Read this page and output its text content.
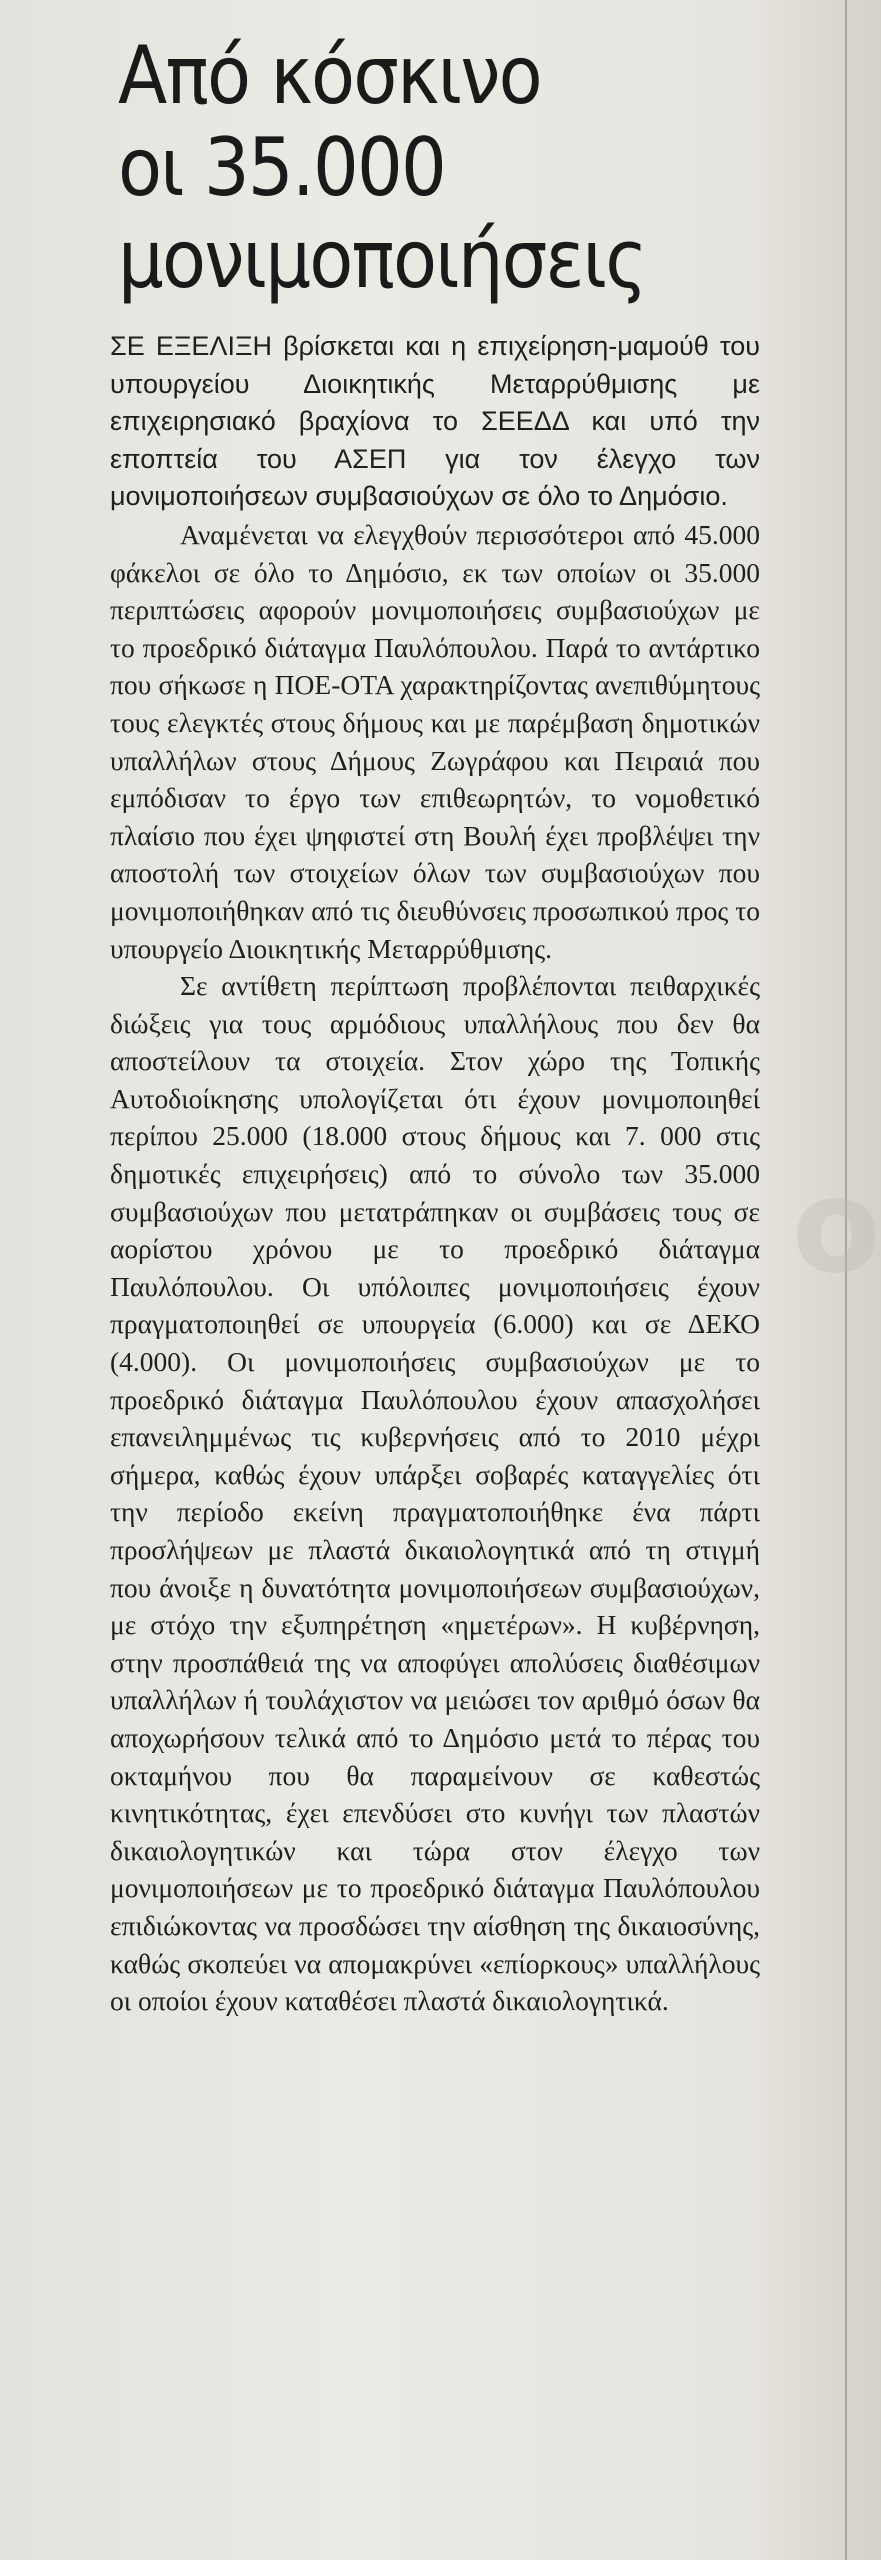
o
Από κόσκινο
οι 35.000
μονιμοποιήσεις

ΣΕ ΕΞΕΛΙΞΗ βρίσκεται και η επιχείρηση-μαμούθ του υπουργείου Διοικητικής Μεταρρύθμισης με επιχειρησιακό βραχίονα το ΣΕΕΔΔ και υπό την εποπτεία του ΑΣΕΠ για τον έλεγχο των μονιμοποιήσεων συμβασιούχων σε όλο το Δημόσιο.

Αναμένεται να ελεγχθούν περισσότεροι από 45.000 φάκελοι σε όλο το Δημόσιο, εκ των οποίων οι 35.000 περιπτώσεις αφορούν μονιμοποιήσεις συμβασιούχων με το προεδρικό διάταγμα Παυλόπουλου. Παρά το αντάρτικο που σήκωσε η ΠΟΕ-ΟΤΑ χαρακτηρίζοντας ανεπιθύμητους τους ελεγκτές στους δήμους και με παρέμβαση δημοτικών υπαλλήλων στους Δήμους Ζωγράφου και Πειραιά που εμπόδισαν το έργο των επιθεωρητών, το νομοθετικό πλαίσιο που έχει ψηφιστεί στη Βουλή έχει προβλέψει την αποστολή των στοιχείων όλων των συμβασιούχων που μονιμοποιήθηκαν από τις διευθύνσεις προσωπικού προς το υπουργείο Διοικητικής Μεταρρύθμισης.

Σε αντίθετη περίπτωση προβλέπονται πειθαρχικές διώξεις για τους αρμόδιους υπαλλήλους που δεν θα αποστείλουν τα στοιχεία. Στον χώρο της Τοπικής Αυτοδιοίκησης υπολογίζεται ότι έχουν μονιμοποιηθεί περίπου 25.000 (18.000 στους δήμους και 7. 000 στις δημοτικές επιχειρήσεις) από το σύνολο των 35.000 συμβασιούχων που μετατράπηκαν οι συμβάσεις τους σε αορίστου χρόνου με το προεδρικό διάταγμα Παυλόπουλου. Οι υπόλοιπες μονιμοποιήσεις έχουν πραγματοποιηθεί σε υπουργεία (6.000) και σε ΔΕΚΟ (4.000). Οι μονιμοποιήσεις συμβασιούχων με το προεδρικό διάταγμα Παυλόπουλου έχουν απασχολήσει επανειλημμένως τις κυβερνήσεις από το 2010 μέχρι σήμερα, καθώς έχουν υπάρξει σοβαρές καταγγελίες ότι την περίοδο εκείνη πραγματοποιήθηκε ένα πάρτι προσλήψεων με πλαστά δικαιολογητικά από τη στιγμή που άνοιξε η δυνατότητα μονιμοποιήσεων συμβασιούχων, με στόχο την εξυπηρέτηση «ημετέρων». Η κυβέρνηση, στην προσπάθειά της να αποφύγει απολύσεις διαθέσιμων υπαλλήλων ή τουλάχιστον να μειώσει τον αριθμό όσων θα αποχωρήσουν τελικά από το Δημόσιο μετά το πέρας του οκταμήνου που θα παραμείνουν σε καθεστώς κινητικότητας, έχει επενδύσει στο κυνήγι των πλαστών δικαιολογητικών και τώρα στον έλεγχο των μονιμοποιήσεων με το προεδρικό διάταγμα Παυλόπουλου επιδιώκοντας να προσδώσει την αίσθηση της δικαιοσύνης, καθώς σκοπεύει να απομακρύνει «επίορκους» υπαλλήλους οι οποίοι έχουν καταθέσει πλαστά δικαιολογητικά.
